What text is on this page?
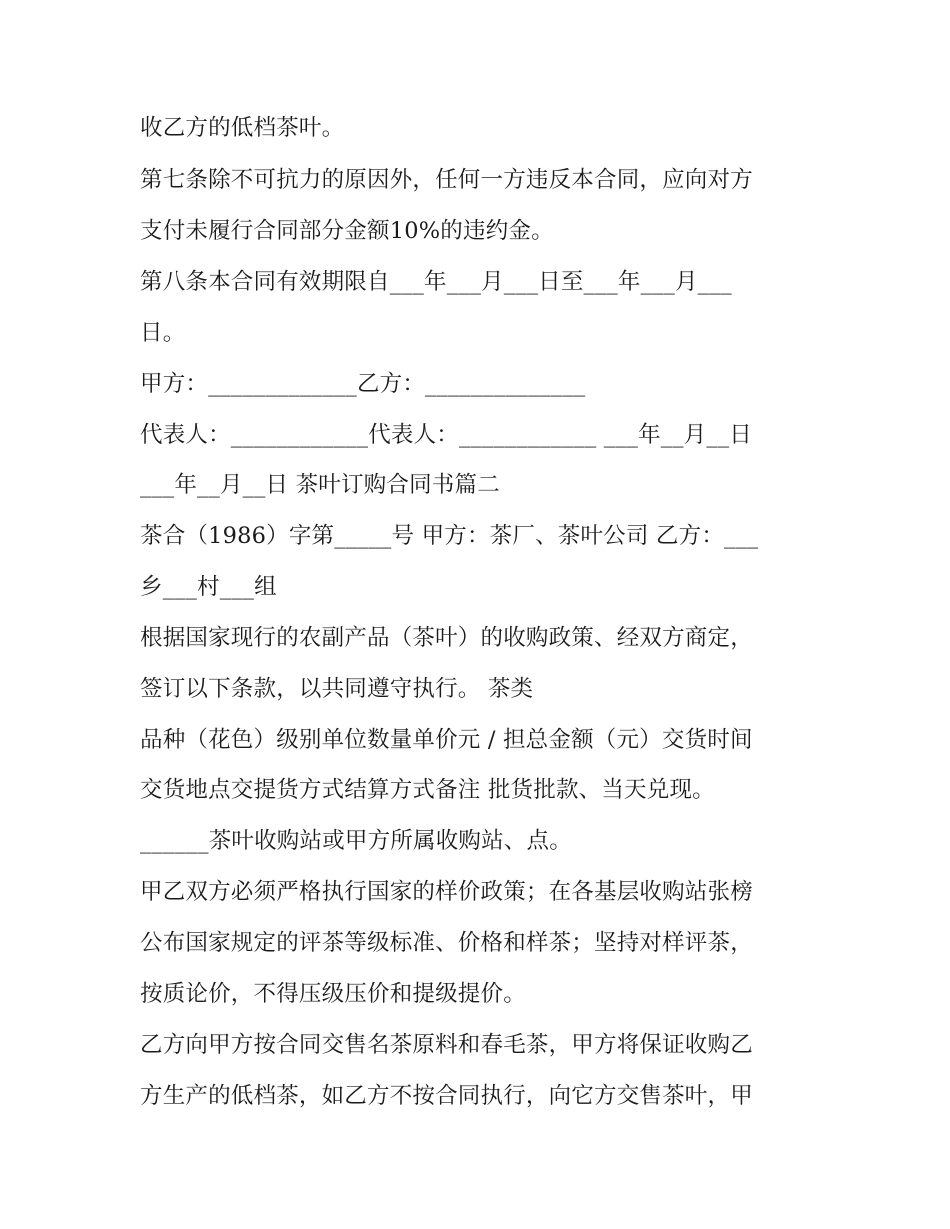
收乙方的低档茶叶。

第七条除不可抗力的原因外，任何一方违反本合同，应向对方

支付未履行合同部分金额10%的违约金。

第八条本合同有效期限自___年___月___日至___年___月___

日。

甲方：_____________乙方：______________

代表人：____________代表人：____________ ___年__月__日

___年__月__日 茶叶订购合同书篇二

茶合（1986）字第_____号 甲方：茶厂、茶叶公司 乙方：___

乡___村___组

根据国家现行的农副产品（茶叶）的收购政策、经双方商定，

签订以下条款，以共同遵守执行。 茶类

品种（花色）级别单位数量单价元 / 担总金额（元）交货时间

交货地点交提货方式结算方式备注 批货批款、当天兑现。

______茶叶收购站或甲方所属收购站、点。

甲乙双方必须严格执行国家的样价政策；在各基层收购站张榜

公布国家规定的评茶等级标准、价格和样茶；坚持对样评茶，

按质论价，不得压级压价和提级提价。

乙方向甲方按合同交售名茶原料和春毛茶，甲方将保证收购乙

方生产的低档茶，如乙方不按合同执行，向它方交售茶叶，甲
